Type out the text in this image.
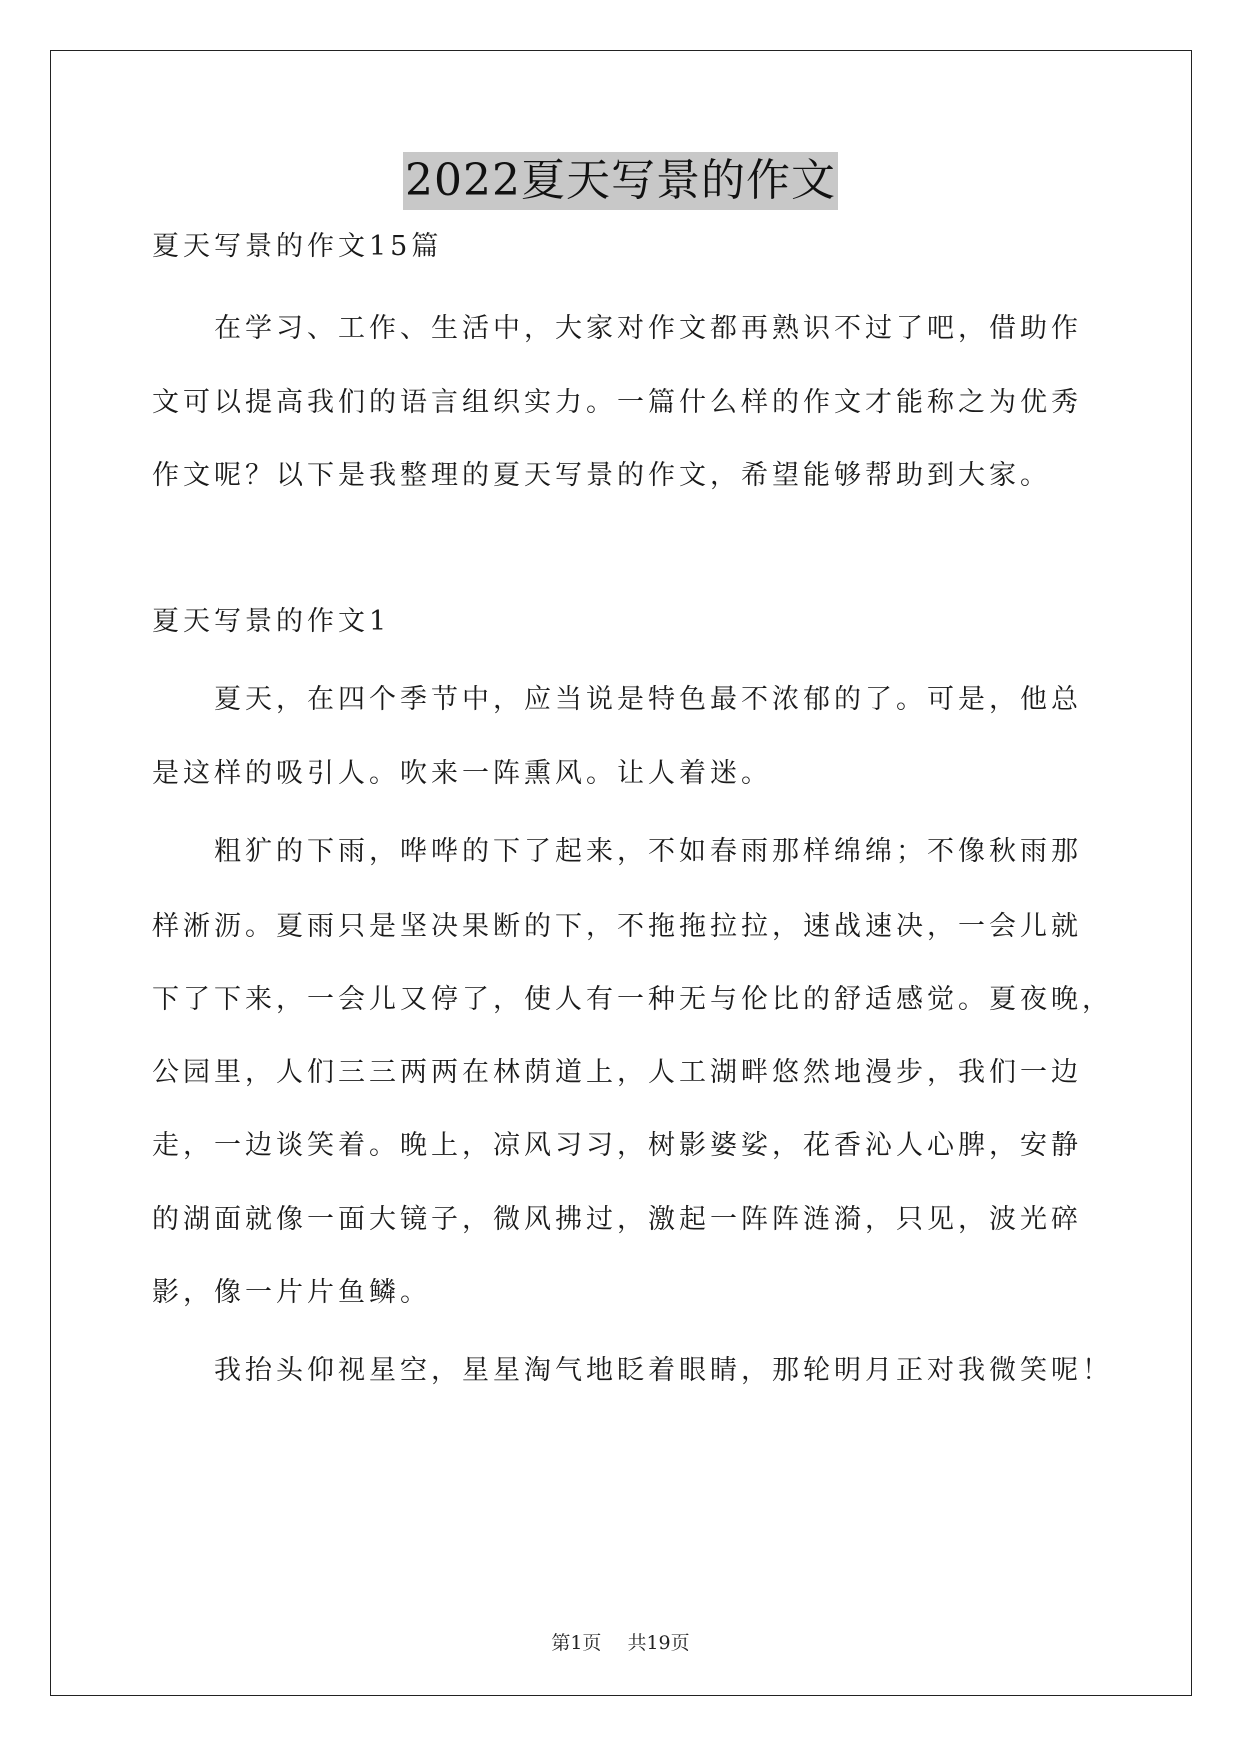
2022夏天写景的作文
夏天写景的作文15篇
在学习、工作、生活中，大家对作文都再熟识不过了吧，借助作
文可以提高我们的语言组织实力。一篇什么样的作文才能称之为优秀
作文呢？以下是我整理的夏天写景的作文，希望能够帮助到大家。
夏天写景的作文1
夏天，在四个季节中，应当说是特色最不浓郁的了。可是，他总
是这样的吸引人。吹来一阵熏风。让人着迷。
粗犷的下雨，哗哗的下了起来，不如春雨那样绵绵；不像秋雨那
样淅沥。夏雨只是坚决果断的下，不拖拖拉拉，速战速决，一会儿就
下了下来，一会儿又停了，使人有一种无与伦比的舒适感觉。夏夜晚，
公园里，人们三三两两在林荫道上，人工湖畔悠然地漫步，我们一边
走，一边谈笑着。晚上，凉风习习，树影婆娑，花香沁人心脾，安静
的湖面就像一面大镜子，微风拂过，激起一阵阵涟漪，只见，波光碎
影，像一片片鱼鳞。
我抬头仰视星空，星星淘气地眨着眼睛，那轮明月正对我微笑呢！
第1页 共19页
